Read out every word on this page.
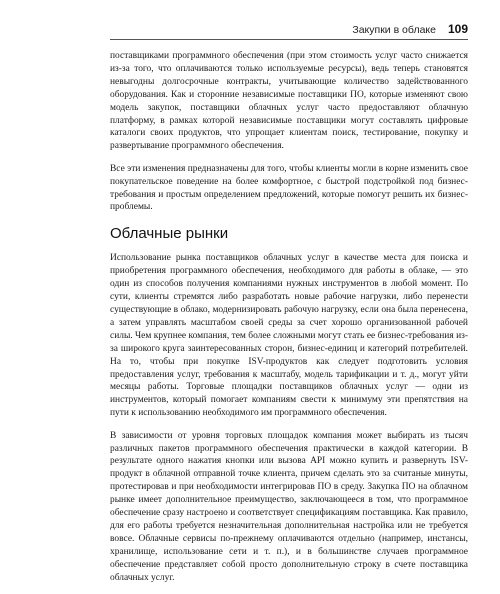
Закупки в облаке 109

поставщиками программного обеспечения (при этом стоимость услуг часто снижается из-за того, что оплачиваются только используемые ресурсы), ведь теперь становятся невыгодны долгосрочные контракты, учитывающие количество задействованного оборудования. Как и сторонние независимые поставщики ПО, которые изменяют свою модель закупок, поставщики облачных услуг часто предоставляют облачную платформу, в рамках которой независимые поставщики могут составлять цифровые каталоги своих продуктов, что упрощает клиентам поиск, тестирование, покупку и развертывание программного обеспечения.

Все эти изменения предназначены для того, чтобы клиенты могли в корне изменить свое покупательское поведение на более комфортное, с быстрой подстройкой под бизнес-требования и простым определением предложений, которые помогут решить их бизнес-проблемы.

Облачные рынки

Использование рынка поставщиков облачных услуг в качестве места для поиска и приобретения программного обеспечения, необходимого для работы в облаке, — это один из способов получения компаниями нужных инструментов в любой момент. По сути, клиенты стремятся либо разработать новые рабочие нагрузки, либо перенести существующие в облако, модернизировать рабочую нагрузку, если она была перенесена, а затем управлять масштабом своей среды за счет хорошо организованной рабочей силы. Чем крупнее компания, тем более сложными могут стать ее бизнес-требования из-за широкого круга заинтересованных сторон, бизнес-единиц и категорий потребителей. На то, чтобы при покупке ISV-продуктов как следует подготовить условия предоставления услуг, требования к масштабу, модель тарификации и т. д., могут уйти месяцы работы. Торговые площадки поставщиков облачных услуг — одни из инструментов, который помогает компаниям свести к минимуму эти препятствия на пути к использованию необходимого им программного обеспечения.

В зависимости от уровня торговых площадок компания может выбирать из тысяч различных пакетов программного обеспечения практически в каждой категории. В результате одного нажатия кнопки или вызова API можно купить и развернуть ISV-продукт в облачной отправной точке клиента, причем сделать это за считаные минуты, протестировав и при необходимости интегрировав ПО в среду. Закупка ПО на облачном рынке имеет дополнительное преимущество, заключающееся в том, что программное обеспечение сразу настроено и соответствует спецификациям поставщика. Как правило, для его работы требуется незначительная дополнительная настройка или не требуется вовсе. Облачные сервисы по-прежнему оплачиваются отдельно (например, инстансы, хранилище, использование сети и т. п.), и в большинстве случаев программное обеспечение представляет собой просто дополнительную строку в счете поставщика облачных услуг.
